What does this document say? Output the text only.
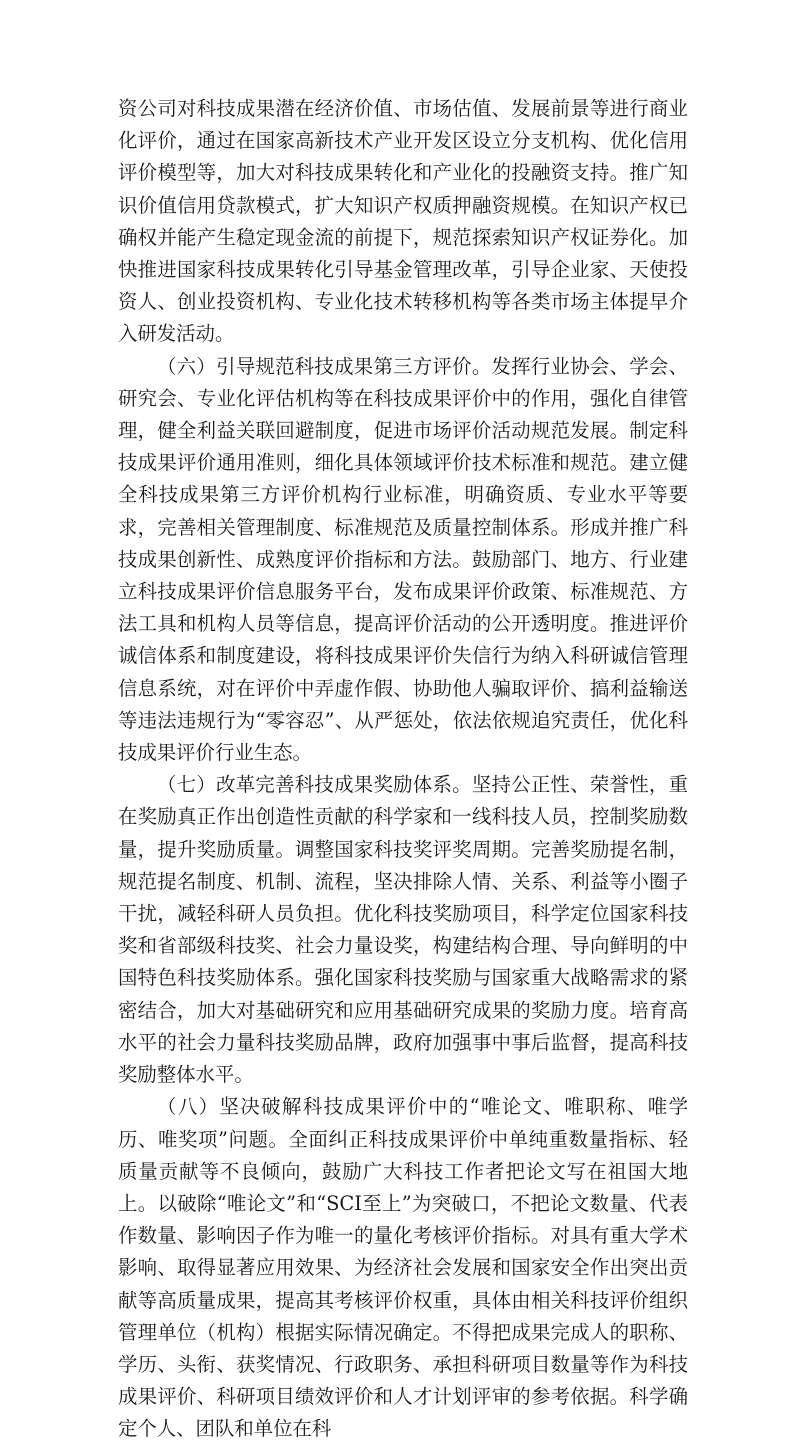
资公司对科技成果潜在经济价值、市场估值、发展前景等进行商业化评价，通过在国家高新技术产业开发区设立分支机构、优化信用评价模型等，加大对科技成果转化和产业化的投融资支持。推广知识价值信用贷款模式，扩大知识产权质押融资规模。在知识产权已确权并能产生稳定现金流的前提下，规范探索知识产权证券化。加快推进国家科技成果转化引导基金管理改革，引导企业家、天使投资人、创业投资机构、专业化技术转移机构等各类市场主体提早介入研发活动。

（六）引导规范科技成果第三方评价。发挥行业协会、学会、研究会、专业化评估机构等在科技成果评价中的作用，强化自律管理，健全利益关联回避制度，促进市场评价活动规范发展。制定科技成果评价通用准则，细化具体领域评价技术标准和规范。建立健全科技成果第三方评价机构行业标准，明确资质、专业水平等要求，完善相关管理制度、标准规范及质量控制体系。形成并推广科技成果创新性、成熟度评价指标和方法。鼓励部门、地方、行业建立科技成果评价信息服务平台，发布成果评价政策、标准规范、方法工具和机构人员等信息，提高评价活动的公开透明度。推进评价诚信体系和制度建设，将科技成果评价失信行为纳入科研诚信管理信息系统，对在评价中弄虚作假、协助他人骗取评价、搞利益输送等违法违规行为“零容忍”、从严惩处，依法依规追究责任，优化科技成果评价行业生态。

（七）改革完善科技成果奖励体系。坚持公正性、荣誉性，重在奖励真正作出创造性贡献的科学家和一线科技人员，控制奖励数量，提升奖励质量。调整国家科技奖评奖周期。完善奖励提名制，规范提名制度、机制、流程，坚决排除人情、关系、利益等小圈子干扰，减轻科研人员负担。优化科技奖励项目，科学定位国家科技奖和省部级科技奖、社会力量设奖，构建结构合理、导向鲜明的中国特色科技奖励体系。强化国家科技奖励与国家重大战略需求的紧密结合，加大对基础研究和应用基础研究成果的奖励力度。培育高水平的社会力量科技奖励品牌，政府加强事中事后监督，提高科技奖励整体水平。

（八）坚决破解科技成果评价中的“唯论文、唯职称、唯学历、唯奖项”问题。全面纠正科技成果评价中单纯重数量指标、轻质量贡献等不良倾向，鼓励广大科技工作者把论文写在祖国大地上。以破除“唯论文”和“SCI至上”为突破口，不把论文数量、代表作数量、影响因子作为唯一的量化考核评价指标。对具有重大学术影响、取得显著应用效果、为经济社会发展和国家安全作出突出贡献等高质量成果，提高其考核评价权重，具体由相关科技评价组织管理单位（机构）根据实际情况确定。不得把成果完成人的职称、学历、头衔、获奖情况、行政职务、承担科研项目数量等作为科技成果评价、科研项目绩效评价和人才计划评审的参考依据。科学确定个人、团队和单位在科
